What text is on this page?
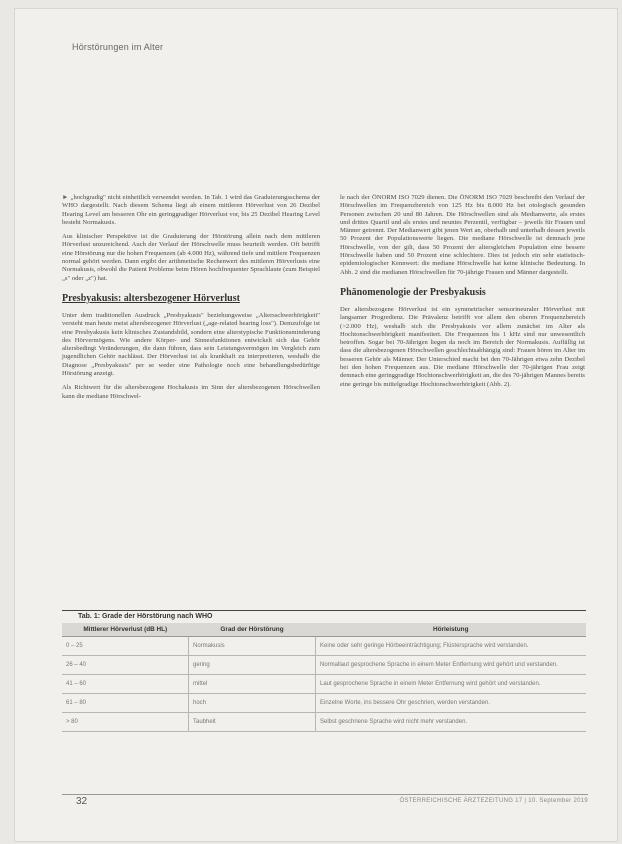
Hörstörungen im Alter

► „hochgradig" nicht einheitlich verwendet werden. In Tab. 1 wird das Graduierungsschema der WHO dargestellt. Nach diesem Schema liegt ab einem mittleren Hörverlust von 26 Dezibel Hearing Level am besseren Ohr ein geringgradiger Hörverlust vor, bis 25 Dezibel Hearing Level besteht Normakusis.

Aus klinischer Perspektive ist die Graduierung der Hörstörung allein nach dem mittleren Hörverlust unzureichend. Auch der Verlauf der Hörschwelle muss beurteilt werden. Oft betrifft eine Hörstörung nur die hohen Frequenzen (ab 4.000 Hz), während tiefe und mittlere Frequenzen normal gehört werden. Dann ergibt der arithmetische Rechenwert des mittleren Hörverlusts eine Normakusis, obwohl die Patient Probleme beim Hören hochfrequenter Sprachlaute (zum Beispiel „s" oder „z") hat.

Presbyakusis: altersbezogener Hörverlust

Unter dem traditionellen Ausdruck „Presbyakusis" beziehungsweise „Altersschwerhörigkeit" versteht man heute meist altersbezogener Hörverlust („age-related hearing loss"). Demzufolge ist eine Presbyakusis kein klinisches Zustandsbild, sondern eine alterstypische Funktionsminderung des Hörvermögens. Wie andere Körper- und Sinnesfunktionen entwickelt sich das Gehör altersbedingt Veränderungen, die dann führen, dass sein Leistungsvermögen im Vergleich zum jugendlichen Gehör nachlässt. Der Hörverlust ist als krankhaft zu interpretieren, weshalb die Diagnose „Presbyakusis" per se weder eine Pathologie noch eine behandlungsbedürftige Hörstörung anzeigt.

Als Richtwert für die altersbezogene Hochakusis im Sinn der altersbezogenen Hörschwellen kann die mediane Hörschwel-

le nach der ÖNORM ISO 7029 dienen. Die ÖNORM ISO 7029 beschreibt den Verlauf der Hörschwellen im Frequenzbereich von 125 Hz bis 8.000 Hz bei otologisch gesunden Personen zwischen 20 und 80 Jahren. Die Hörschwellen sind als Medianwerte, als erstes und drittes Quartil und als erstes und neuntes Perzentil, verfügbar – jeweils für Frauen und Männer getrennt. Der Medianwert gibt jenen Wert an, oberhalb und unterhalb dessen jeweils 50 Prozent der Populationswerte liegen. Die mediane Hörschwelle ist demnach jene Hörschwelle, von der gilt, dass 50 Prozent der altersgleichen Population eine bessere Hörschwelle haben und 50 Prozent eine schlechtere. Dies ist jedoch ein sehr statistisch-epidemiologischer Kennwert: die mediane Hörschwelle hat keine klinische Bedeutung. In Abb. 2 sind die medianen Hörschwellen für 70-jährige Frauen und Männer dargestellt.

Phänomenologie der Presbyakusis

Der altersbezogene Hörverlust ist ein symmetrischer sensorineuraler Hörverlust mit langsamer Progredienz. Die Prävalenz betrifft vor allem den oberen Frequenzbereich (>2.000 Hz), weshalb sich die Presbyakusis vor allem zunächst im Alter als Hochtonschwerhörigkeit manifestiert. Die Frequenzen bis 1 kHz sind nur unwesentlich betroffen. Sogar bei 70-Jährigen liegen da noch im Bereich der Normakusis. Auffällig ist dass die altersbezogenen Hörschwellen geschlechtsabhängig sind: Frauen hören im Alter im besseren Gehör als Männer. Der Unterschied macht bei den 70-Jährigen etwa zehn Dezibel bei den hohen Frequenzen aus. Die mediane Hörschwelle der 70-jährigen Frau zeigt demnach eine geringgradige Hochtonschwerhörigkeit an, die des 70-jährigen Mannes bereits eine geringe bis mittelgradige Hochtonschwerhörigkeit (Abb. 2).

Tab. 1: Grade der Hörstörung nach WHO
Mittlerer Hörverlust (dB HL)	Grad der Hörstörung	Hörleistung
0 – 25	Normakusis	Keine oder sehr geringe Hörbeeinträchtigung; Flüstersprache wird verstanden.
26 – 40	gering	Normallaut gesprochene Sprache in einem Meter Entfernung wird gehört und verstanden.
41 – 60	mittel	Laut gesprochene Sprache in einem Meter Entfernung wird gehört und verstanden.
61 – 80	hoch	Einzelne Worte, ins bessere Ohr geschrien, werden verstanden.
> 80	Taubheit	Selbst geschriene Sprache wird nicht mehr verstanden.
32	ÖSTERREICHISCHE ÄRZTEZEITUNG 17 | 10. September 2019
